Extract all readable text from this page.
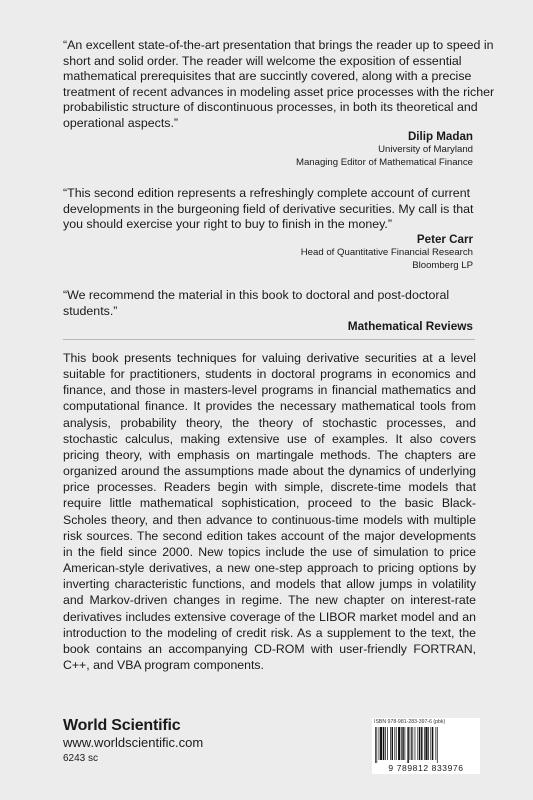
“An excellent state-of-the-art presentation that brings the reader up to speed in short and solid order. The reader will welcome the exposition of essential mathematical prerequisites that are succintly covered, along with a precise treatment of recent advances in modeling asset price processes with the richer probabilistic structure of discontinuous processes, in both its theoretical and operational aspects.”

Dilip Madan
University of Maryland
Managing Editor of Mathematical Finance

“This second edition represents a refreshingly complete account of current developments in the burgeoning field of derivative securities. My call is that you should exercise your right to buy to finish in the money.”

Peter Carr
Head of Quantitative Financial Research
Bloomberg LP

“We recommend the material in this book to doctoral and post-doctoral students.”

Mathematical Reviews

This book presents techniques for valuing derivative securities at a level suitable for practitioners, students in doctoral programs in economics and finance, and those in masters-level programs in financial mathematics and computational finance. It provides the necessary mathematical tools from analysis, probability theory, the theory of stochastic processes, and stochastic calculus, making extensive use of examples. It also covers pricing theory, with emphasis on martingale methods. The chapters are organized around the assumptions made about the dynamics of underlying price processes. Readers begin with simple, discrete-time models that require little mathematical sophistication, proceed to the basic Black-Scholes theory, and then advance to continuous-time models with multiple risk sources. The second edition takes account of the major developments in the field since 2000. New topics include the use of simulation to price American-style derivatives, a new one-step approach to pricing options by inverting characteristic functions, and models that allow jumps in volatility and Markov-driven changes in regime. The new chapter on interest-rate derivatives includes extensive coverage of the LIBOR market model and an introduction to the modeling of credit risk. As a supplement to the text, the book contains an accompanying CD-ROM with user-friendly FORTRAN, C++, and VBA program components.

World Scientific
www.worldscientific.com
6243 sc
ISBN 978-981-283-397-6 (pbk)
9 789812 833976
